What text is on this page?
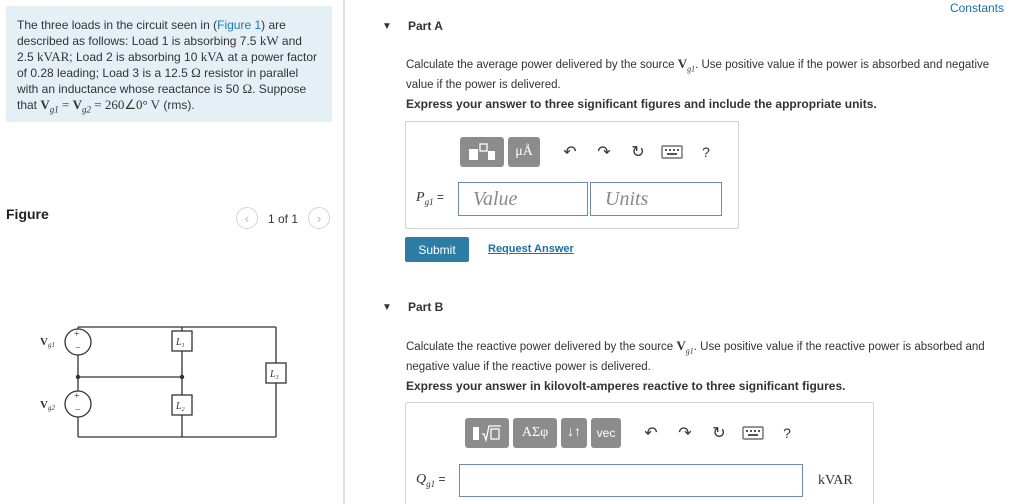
The three loads in the circuit seen in (Figure 1) are described as follows: Load 1 is absorbing 7.5 kW and 2.5 kVAR; Load 2 is absorbing 10 kVA at a power factor of 0.28 leading; Load 3 is a 12.5 Ω resistor in parallel with an inductance whose reactance is 50 Ω. Suppose that $V_{g1} = V_{g2}$ = 260∠0° V (rms).
Figure	‹	1 of 1	›
+
−
+
−
Vg1
Vg2
$L_1$
$L_2$
$L_3$
Constants
▼ Part A
Calculate the average power delivered by the source $V_{g1}$. Use positive value if the power is absorbed and negative value if the power is delivered.
Express your answer to three significant figures and include the appropriate units.
μÅ ↶ ↷ ↻	?
$P_{g1}$ =	Value	Units
Submit	Request Answer
▼ Part B
Calculate the reactive power delivered by the source $V_{g1}$. Use positive value if the reactive power is absorbed and negative value if the reactive power is delivered.
Express your answer in kilovolt-amperes reactive to three significant figures.
ΑΣφ ↓↑ vec ↶ ↷ ↻	?
$Q_{g1}$ =	kVAR
